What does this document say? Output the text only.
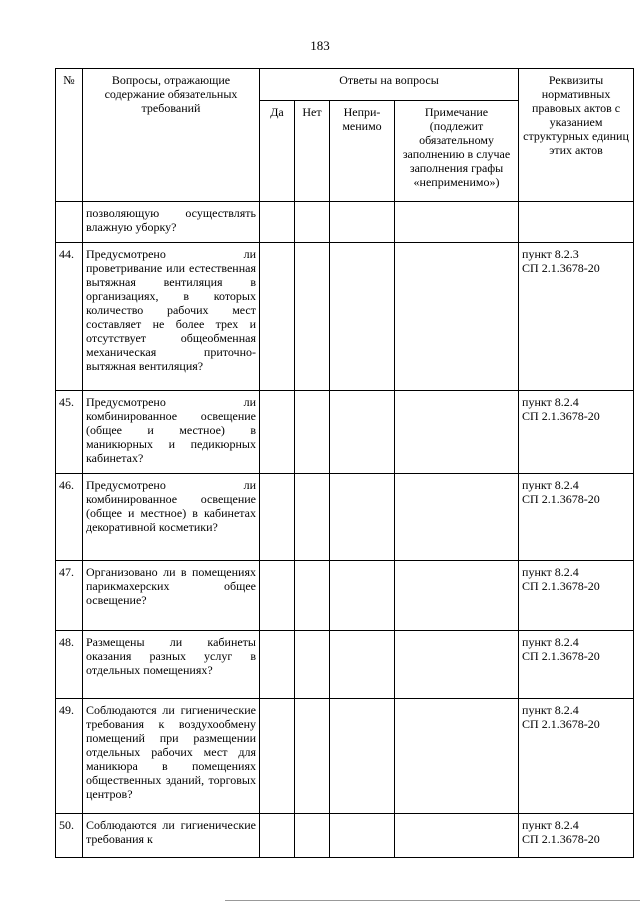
183
№	Вопросы, отражающие содержание обязательных требований	Ответы на вопросы				Реквизиты нормативных правовых актов с указанием структурных единиц этих актов
		Да	Нет	Непри-менимо	Примечание (подлежит обязательному заполнению в случае заполнения графы «неприменимо»)	
	позволяющую осуществлять влажную уборку?					

44.	Предусмотрено ли проветривание или естественная вытяжная вентиляция в организациях, в которых количество рабочих мест составляет не более трех и отсутствует общеобменная механическая приточно-вытяжная вентиляция?					пункт 8.2.3
СП 2.1.3678-20

45.	Предусмотрено ли комбинированное освещение (общее и местное) в маникюрных и педикюрных кабинетах?					пункт 8.2.4
СП 2.1.3678-20

46.	Предусмотрено ли комбинированное освещение (общее и местное) в кабинетах декоративной косметики?					пункт 8.2.4
СП 2.1.3678-20

47.	Организовано ли в помещениях парикмахерских общее освещение?					пункт 8.2.4
СП 2.1.3678-20

48.	Размещены ли кабинеты оказания разных услуг в отдельных помещениях?					пункт 8.2.4
СП 2.1.3678-20

49.	Соблюдаются ли гигиенические требования к воздухообмену помещений при размещении отдельных рабочих мест для маникюра в помещениях общественных зданий, торговых центров?					пункт 8.2.4
СП 2.1.3678-20

50.	Соблюдаются ли гигиенические требования к					пункт 8.2.4
СП 2.1.3678-20
